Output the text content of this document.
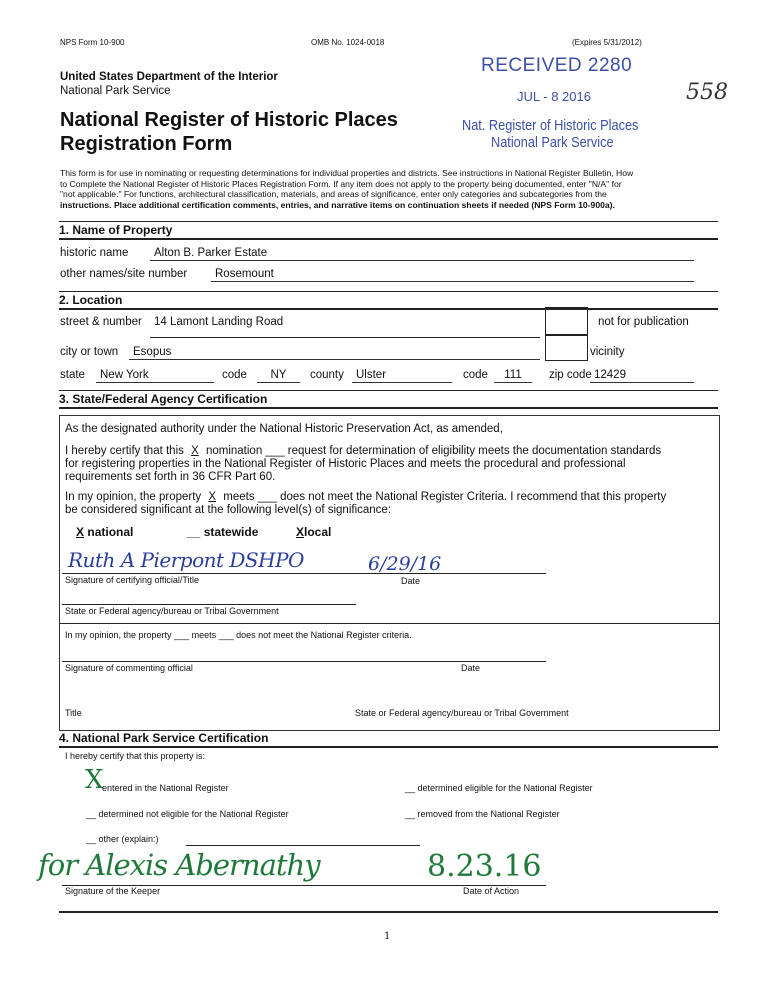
NPS Form 10-900	OMB No. 1024-0018	(Expires 5/31/2012)
United States Department of the Interior
National Park Service
National Register of Historic Places
Registration Form
RECEIVED 2280
JUL - 8 2016
Nat. Register of Historic Places
National Park Service
558
This form is for use in nominating or requesting determinations for individual properties and districts. See instructions in National Register Bulletin, How
to Complete the National Register of Historic Places Registration Form. If any item does not apply to the property being documented, enter "N/A" for
"not applicable." For functions, architectural classification, materials, and areas of significance, enter only categories and subcategories from the
instructions. Place additional certification comments, entries, and narrative items on continuation sheets if needed (NPS Form 10-900a).
1. Name of Property
historic name	Alton B. Parker Estate
other names/site number	Rosemount
2. Location
street & number	14 Lamont Landing Road	not for publication
city or town	Esopus	vicinity
state	New York	code	NY	county	Ulster	code	111	zip code 12429
3. State/Federal Agency Certification
As the designated authority under the National Historic Preservation Act, as amended,
I hereby certify that this X nomination ___ request for determination of eligibility meets the documentation standards
for registering properties in the National Register of Historic Places and meets the procedural and professional
requirements set forth in 36 CFR Part 60.
In my opinion, the property X meets ___ does not meet the National Register Criteria. I recommend that this property
be considered significant at the following level(s) of significance:
X national	__ statewide	Xlocal
Ruth A Pierpont DSHPO	6/29/16
Signature of certifying official/Title	Date
State or Federal agency/bureau or Tribal Government
In my opinion, the property ___ meets ___ does not meet the National Register criteria.
Signature of commenting official	Date
Title	State or Federal agency/bureau or Tribal Government
4. National Park Service Certification
I hereby certify that this property is:
X
entered in the National Register	__ determined eligible for the National Register
__ determined not eligible for the National Register	__ removed from the National Register
__ other (explain:)
for Alexis Abernathy	8.23.16
Signature of the Keeper	Date of Action
1
